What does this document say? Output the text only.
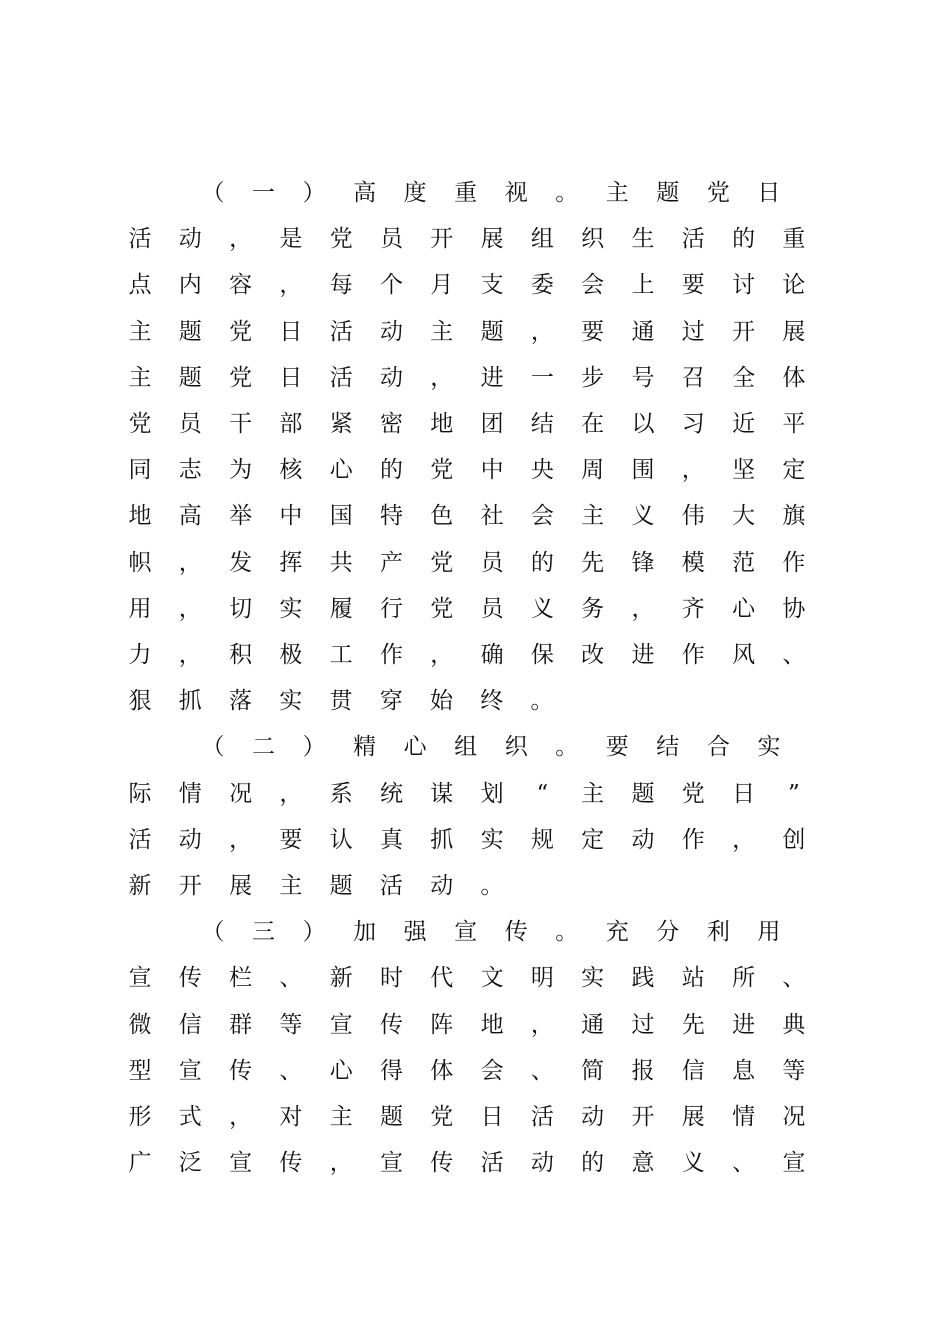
（ 一 ） 高 度 重 视 。 主 题 党 日
活 动 ， 是 党 员 开 展 组 织 生 活 的 重
点 内 容 ， 每 个 月 支 委 会 上 要 讨 论
主 题 党 日 活 动 主 题 ， 要 通 过 开 展
主 题 党 日 活 动 ， 进 一 步 号 召 全 体
党 员 干 部 紧 密 地 团 结 在 以 习 近 平
同 志 为 核 心 的 党 中 央 周 围 ， 坚 定
地 高 举 中 国 特 色 社 会 主 义 伟 大 旗
帜 ， 发 挥 共 产 党 员 的 先 锋 模 范 作
用 ， 切 实 履 行 党 员 义 务 ， 齐 心 协
力 ， 积 极 工 作 ， 确 保 改 进 作 风 、
狠 抓 落 实 贯 穿 始 终 。
（ 二 ） 精 心 组 织 。 要 结 合 实
际 情 况 ， 系 统 谋 划	“	主 题 党 日	”
活 动 ， 要 认 真 抓 实 规 定 动 作 ， 创
新 开 展 主 题 活 动 。
（ 三 ） 加 强 宣 传 。 充 分 利 用
宣 传 栏 、 新 时 代 文 明 实 践 站 所 、
微 信 群 等 宣 传 阵 地 ， 通 过 先 进 典
型 宣 传 、 心 得 体 会 、 简 报 信 息 等
形 式 ， 对 主 题 党 日 活 动 开 展 情 况
广 泛 宣 传 ， 宣 传 活 动 的 意 义 、 宣
